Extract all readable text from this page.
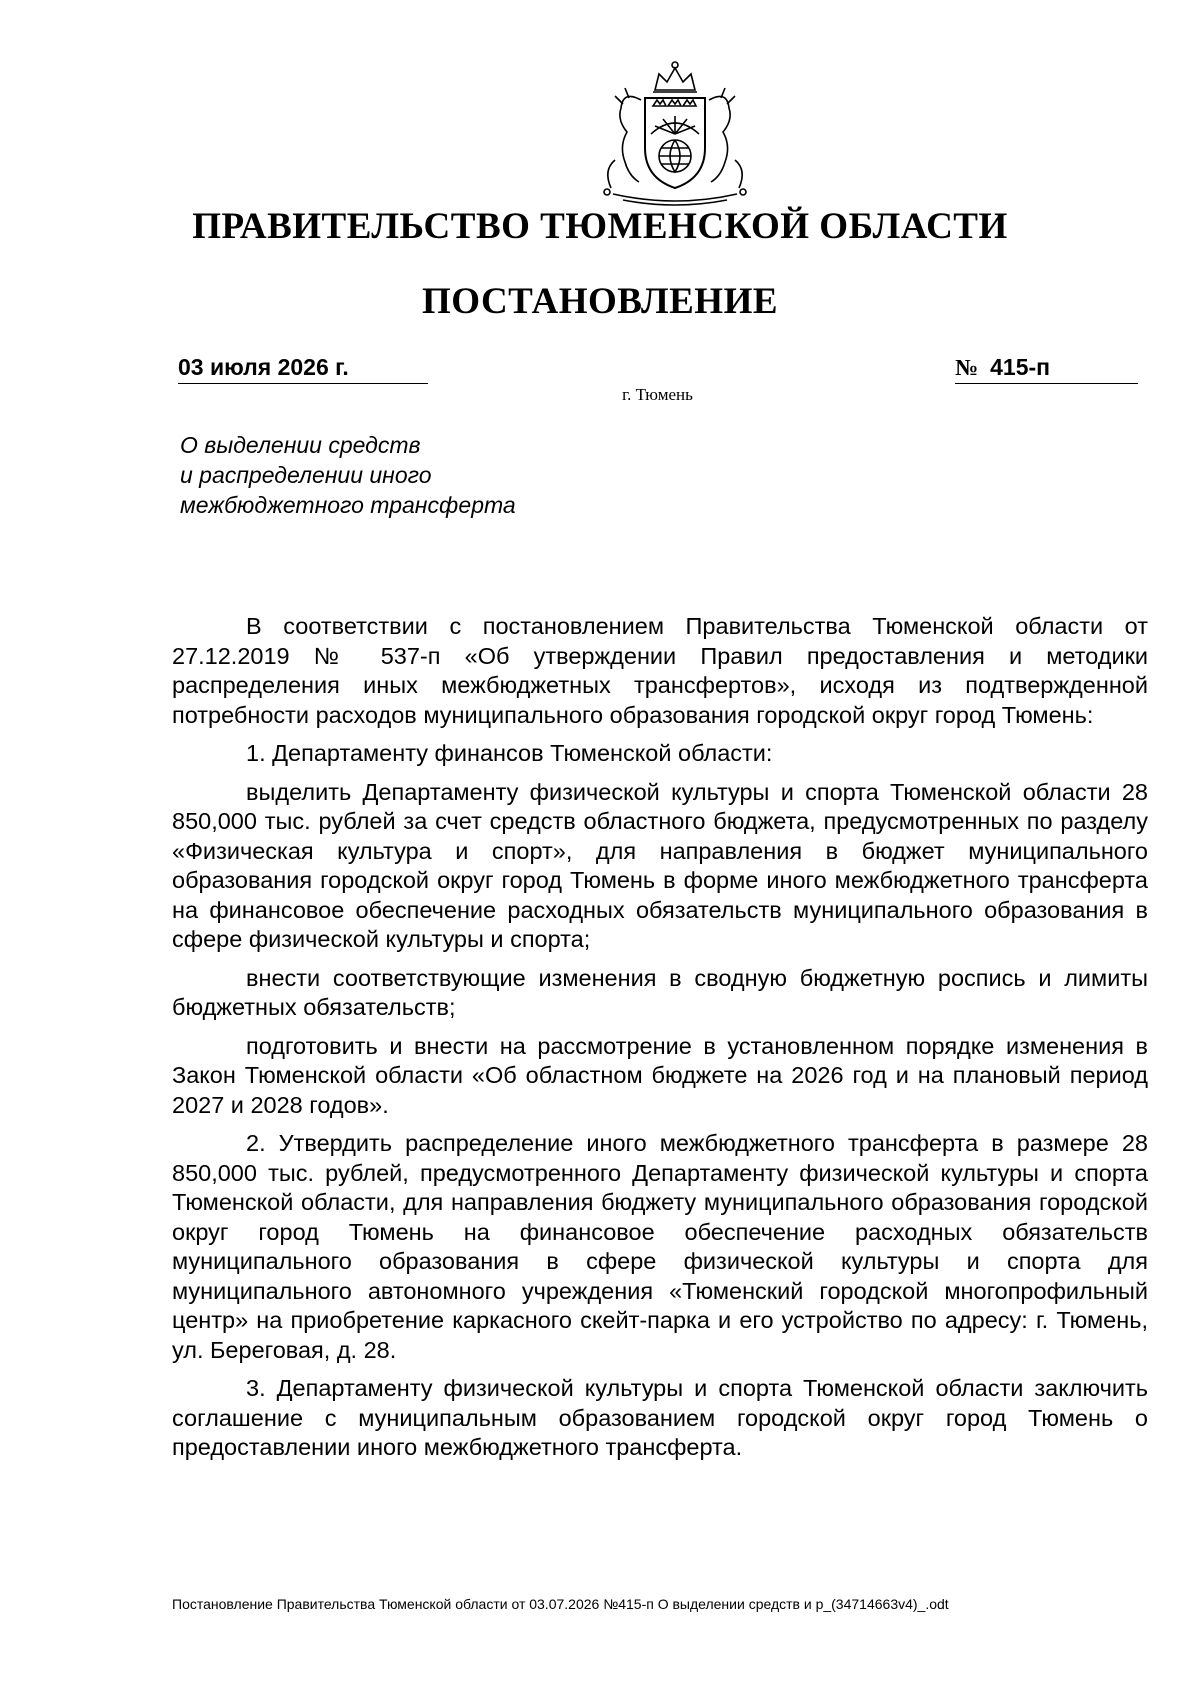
ПРАВИТЕЛЬСТВО ТЮМЕНСКОЙ ОБЛАСТИ
ПОСТАНОВЛЕНИЕ
03 июля 2026 г.	№ 415-п
г. Тюмень
О выделении средств
и распределении иного
межбюджетного трансферта

В соответствии с постановлением Правительства Тюменской области от 27.12.2019 № 537-п «Об утверждении Правил предоставления и методики распределения иных межбюджетных трансфертов», исходя из подтвержденной потребности расходов муниципального образования городской округ город Тюмень:

1. Департаменту финансов Тюменской области:

выделить Департаменту физической культуры и спорта Тюменской области 28 850,000 тыс. рублей за счет средств областного бюджета, предусмотренных по разделу «Физическая культура и спорт», для направления в бюджет муниципального образования городской округ город Тюмень в форме иного межбюджетного трансферта на финансовое обеспечение расходных обязательств муниципального образования в сфере физической культуры и спорта;

внести соответствующие изменения в сводную бюджетную роспись и лимиты бюджетных обязательств;

подготовить и внести на рассмотрение в установленном порядке изменения в Закон Тюменской области «Об областном бюджете на 2026 год и на плановый период 2027 и 2028 годов».

2. Утвердить распределение иного межбюджетного трансферта в размере 28 850,000 тыс. рублей, предусмотренного Департаменту физической культуры и спорта Тюменской области, для направления бюджету муниципального образования городской округ город Тюмень на финансовое обеспечение расходных обязательств муниципального образования в сфере физической культуры и спорта для муниципального автономного учреждения «Тюменский городской многопрофильный центр» на приобретение каркасного скейт-парка и его устройство по адресу: г. Тюмень, ул. Береговая, д. 28.

3. Департаменту физической культуры и спорта Тюменской области заключить соглашение с муниципальным образованием городской округ город Тюмень о предоставлении иного межбюджетного трансферта.

Постановление Правительства Тюменской области от 03.07.2026 №415-п О выделении средств и р_(34714663v4)_.odt
